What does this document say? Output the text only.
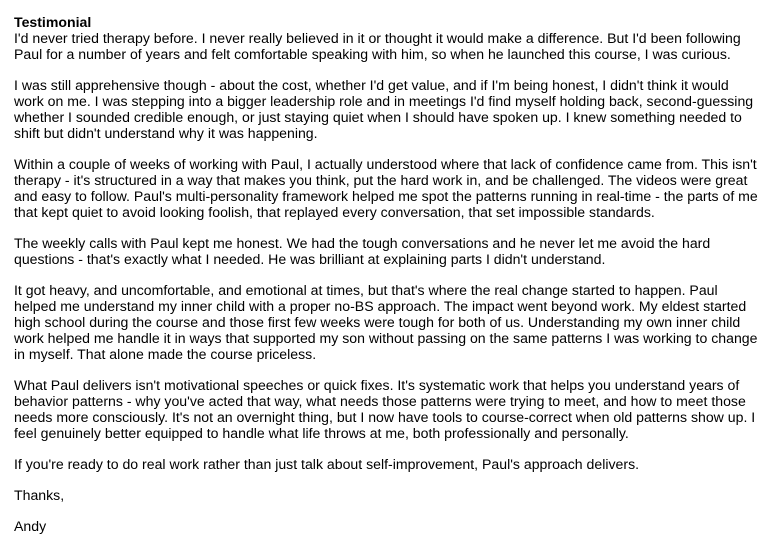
Testimonial

I'd never tried therapy before. I never really believed in it or thought it would make a difference. But I'd been following Paul for a number of years and felt comfortable speaking with him, so when he launched this course, I was curious.

I was still apprehensive though - about the cost, whether I'd get value, and if I'm being honest, I didn't think it would work on me. I was stepping into a bigger leadership role and in meetings I'd find myself holding back, second-guessing whether I sounded credible enough, or just staying quiet when I should have spoken up. I knew something needed to shift but didn't understand why it was happening.

Within a couple of weeks of working with Paul, I actually understood where that lack of confidence came from. This isn't therapy - it's structured in a way that makes you think, put the hard work in, and be challenged. The videos were great and easy to follow. Paul's multi-personality framework helped me spot the patterns running in real-time - the parts of me that kept quiet to avoid looking foolish, that replayed every conversation, that set impossible standards.

The weekly calls with Paul kept me honest. We had the tough conversations and he never let me avoid the hard questions - that's exactly what I needed. He was brilliant at explaining parts I didn't understand.

It got heavy, and uncomfortable, and emotional at times, but that's where the real change started to happen. Paul helped me understand my inner child with a proper no-BS approach. The impact went beyond work. My eldest started high school during the course and those first few weeks were tough for both of us. Understanding my own inner child work helped me handle it in ways that supported my son without passing on the same patterns I was working to change in myself. That alone made the course priceless.

What Paul delivers isn't motivational speeches or quick fixes. It's systematic work that helps you understand years of behavior patterns - why you've acted that way, what needs those patterns were trying to meet, and how to meet those needs more consciously. It's not an overnight thing, but I now have tools to course-correct when old patterns show up. I feel genuinely better equipped to handle what life throws at me, both professionally and personally.

If you're ready to do real work rather than just talk about self-improvement, Paul's approach delivers.

Thanks,

Andy
